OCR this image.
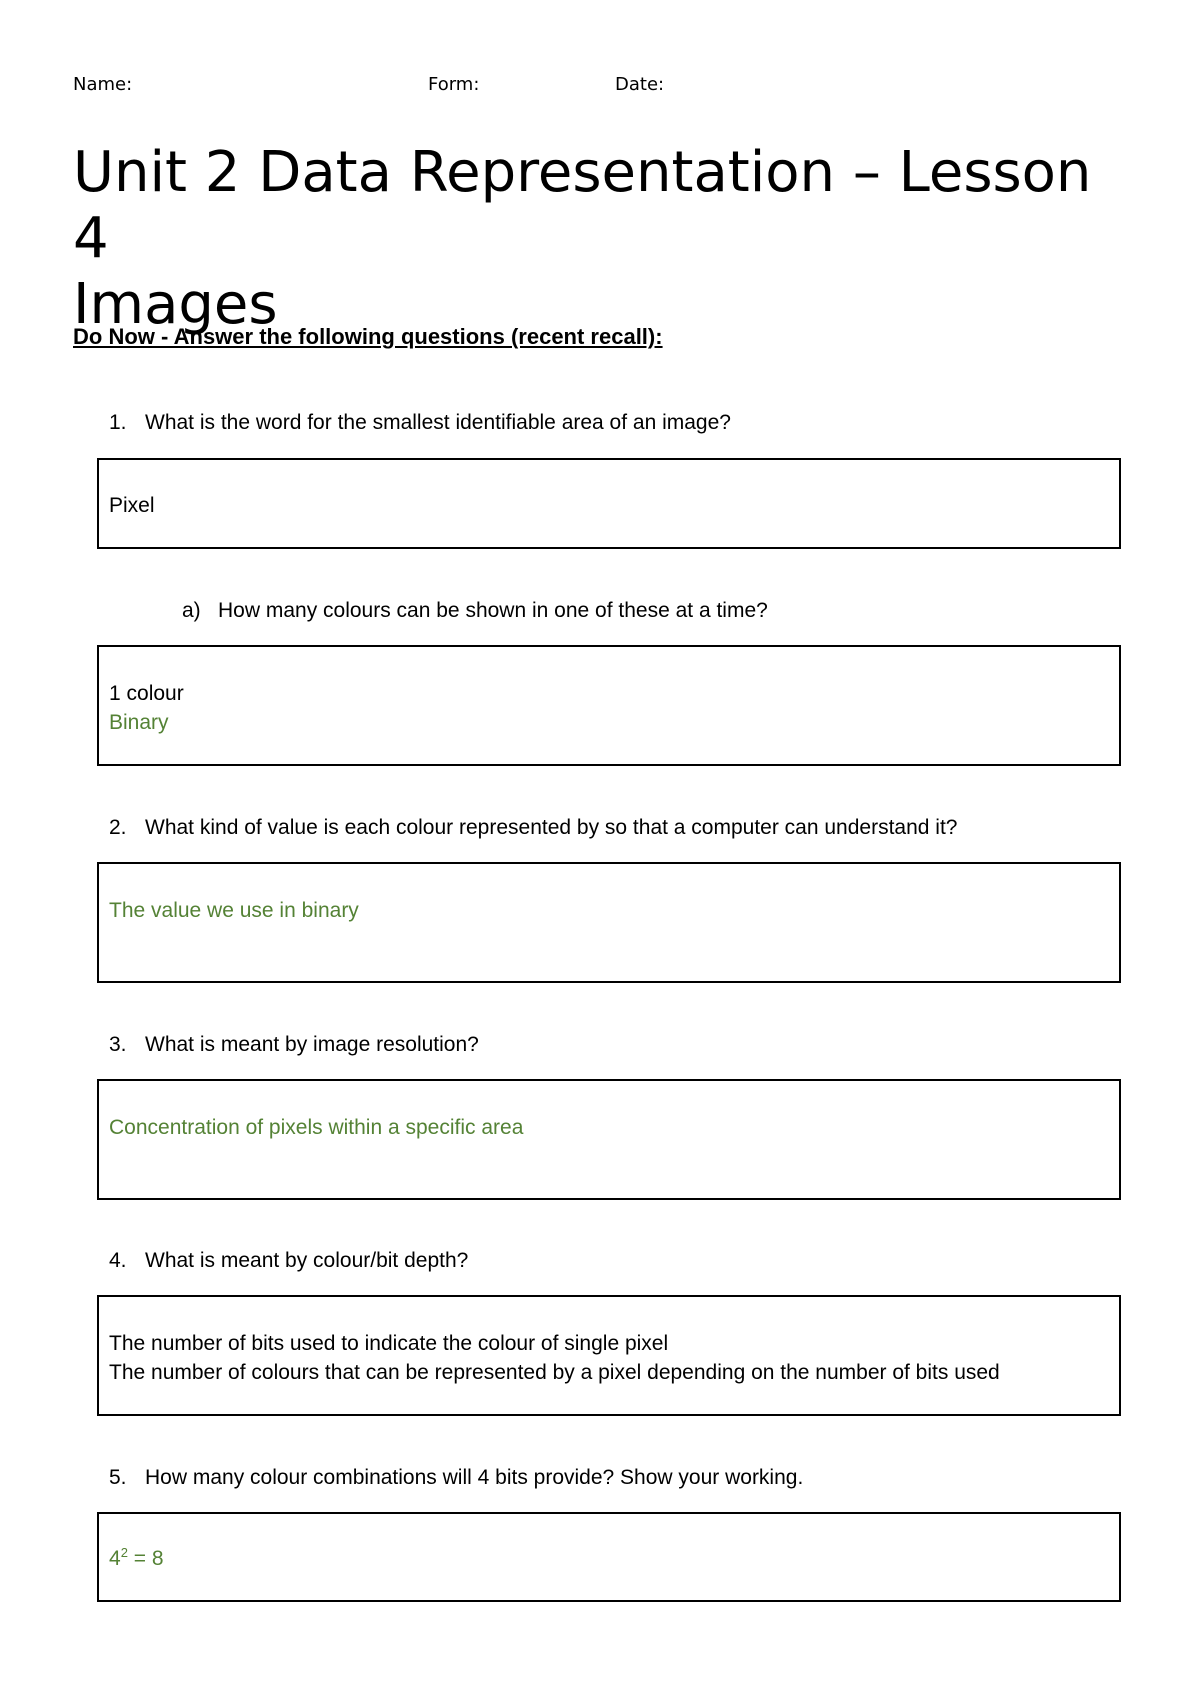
Name:	Form:	Date:
Unit 2 Data Representation – Lesson 4
Images
Do Now - Answer the following questions (recent recall):
1. What is the word for the smallest identifiable area of an image?
Pixel
a) How many colours can be shown in one of these at a time?
1 colour
Binary
2. What kind of value is each colour represented by so that a computer can understand it?
The value we use in binary
3. What is meant by image resolution?
Concentration of pixels within a specific area
4. What is meant by colour/bit depth?
The number of bits used to indicate the colour of single pixel
The number of colours that can be represented by a pixel depending on the number of bits used
5. How many colour combinations will 4 bits provide? Show your working.
$4^2 = 8$
